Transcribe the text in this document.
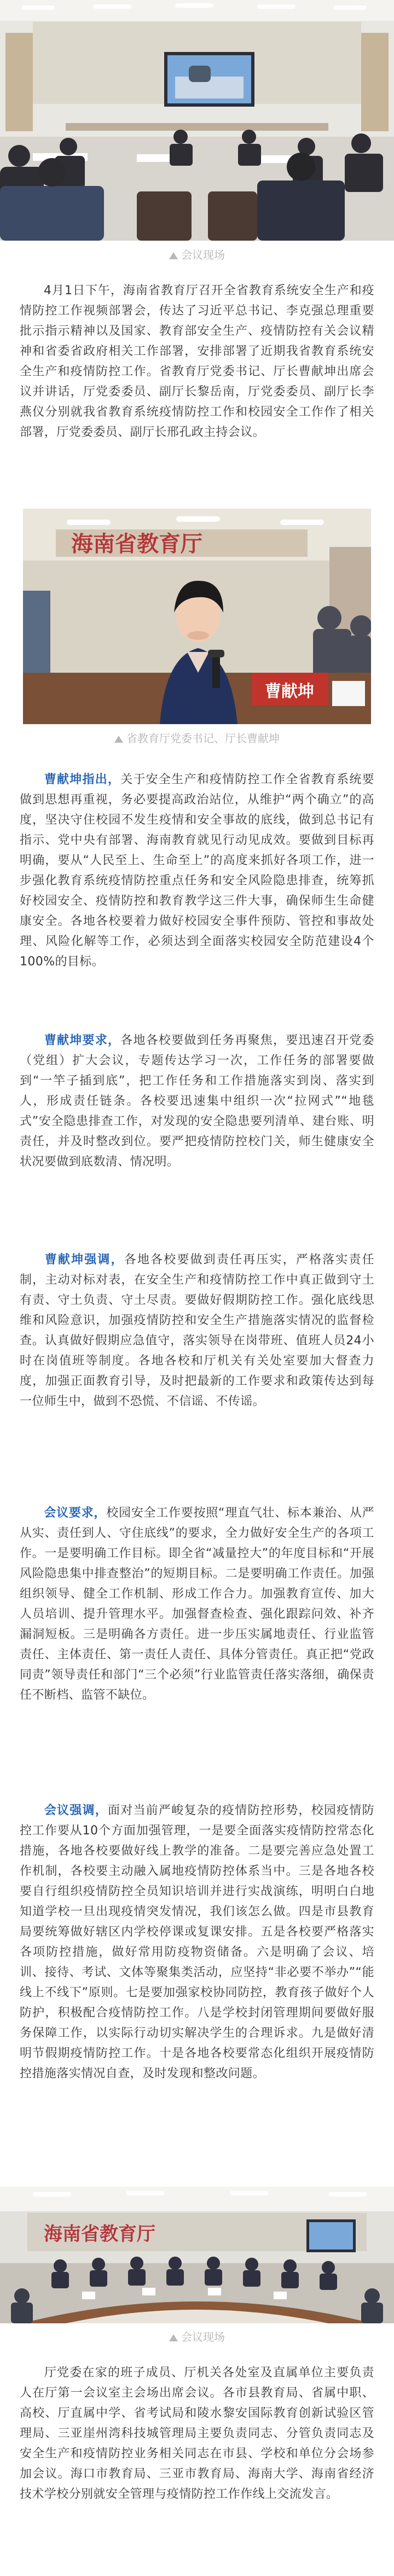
会议现场

4月1日下午，海南省教育厅召开全省教育系统安全生产和疫情防控工作视频部署会，传达了习近平总书记、李克强总理重要批示指示精神以及国家、教育部安全生产、疫情防控有关会议精神和省委省政府相关工作部署，安排部署了近期我省教育系统安全生产和疫情防控工作。省教育厅党委书记、厅长曹献坤出席会议并讲话，厅党委委员、副厅长黎岳南，厅党委委员、副厅长李燕仪分别就我省教育系统疫情防控工作和校园安全工作作了相关部署，厅党委委员、副厅长邢孔政主持会议。

海南省教育厅
曹献坤
省教育厅党委书记、厅长曹献坤

曹献坤指出，关于安全生产和疫情防控工作全省教育系统要做到思想再重视，务必要提高政治站位，从维护“两个确立”的高度，坚决守住校园不发生疫情和安全事故的底线，做到总书记有指示、党中央有部署、海南教育就见行动见成效。要做到目标再明确，要从“人民至上、生命至上”的高度来抓好各项工作，进一步强化教育系统疫情防控重点任务和安全风险隐患排查，统筹抓好校园安全、疫情防控和教育教学这三件大事，确保师生生命健康安全。各地各校要着力做好校园安全事件预防、管控和事故处理、风险化解等工作，必须达到全面落实校园安全防范建设4个100%的目标。

曹献坤要求，各地各校要做到任务再聚焦，要迅速召开党委（党组）扩大会议，专题传达学习一次，工作任务的部署要做到“一竿子插到底”，把工作任务和工作措施落实到岗、落实到人，形成责任链条。各校要迅速集中组织一次“拉网式”“地毯式”安全隐患排查工作，对发现的安全隐患要列清单、建台账、明责任，并及时整改到位。要严把疫情防控校门关，师生健康安全状况要做到底数清、情况明。

曹献坤强调，各地各校要做到责任再压实，严格落实责任制，主动对标对表，在安全生产和疫情防控工作中真正做到守土有责、守土负责、守土尽责。要做好假期防控工作。强化底线思维和风险意识，加强疫情防控和安全生产措施落实情况的监督检查。认真做好假期应急值守，落实领导在岗带班、值班人员24小时在岗值班等制度。各地各校和厅机关有关处室要加大督查力度，加强正面教育引导，及时把最新的工作要求和政策传达到每一位师生中，做到不恐慌、不信谣、不传谣。

会议要求，校园安全工作要按照“理直气壮、标本兼治、从严从实、责任到人、守住底线”的要求，全力做好安全生产的各项工作。一是要明确工作目标。即全省“减量控大”的年度目标和“开展风险隐患集中排查整治”的短期目标。二是要明确工作责任。加强组织领导、健全工作机制、形成工作合力。加强教育宣传、加大人员培训、提升管理水平。加强督查检查、强化跟踪问效、补齐漏洞短板。三是明确各方责任。进一步压实属地责任、行业监管责任、主体责任、第一责任人责任、具体分管责任。真正把“党政同责”领导责任和部门“三个必须”行业监管责任落实落细，确保责任不断档、监管不缺位。

会议强调，面对当前严峻复杂的疫情防控形势，校园疫情防控工作要从10个方面加强管理，一是要全面落实疫情防控常态化措施，各地各校要做好线上教学的准备。二是要完善应急处置工作机制，各校要主动融入属地疫情防控体系当中。三是各地各校要自行组织疫情防控全员知识培训并进行实战演练，明明白白地知道学校一旦出现疫情突发情况，我们该怎么做。四是市县教育局要统筹做好辖区内学校停课或复课安排。五是各校要严格落实各项防控措施，做好常用防疫物资储备。六是明确了会议、培训、接待、考试、文体等聚集类活动，应坚持“非必要不举办”“能线上不线下”原则。七是要加强家校协同防控，教育孩子做好个人防护，积极配合疫情防控工作。八是学校封闭管理期间要做好服务保障工作，以实际行动切实解决学生的合理诉求。九是做好清明节假期疫情防控工作。十是各地各校要常态化组织开展疫情防控措施落实情况自查，及时发现和整改问题。

海南省教育厅
会议现场

厅党委在家的班子成员、厅机关各处室及直属单位主要负责人在厅第一会议室主会场出席会议。各市县教育局、省属中职、高校、厅直属中学、省考试局和陵水黎安国际教育创新试验区管理局、三亚崖州湾科技城管理局主要负责同志、分管负责同志及安全生产和疫情防控业务相关同志在市县、学校和单位分会场参加会议。海口市教育局、三亚市教育局、海南大学、海南省经济技术学校分别就安全管理与疫情防控工作作线上交流发言。
